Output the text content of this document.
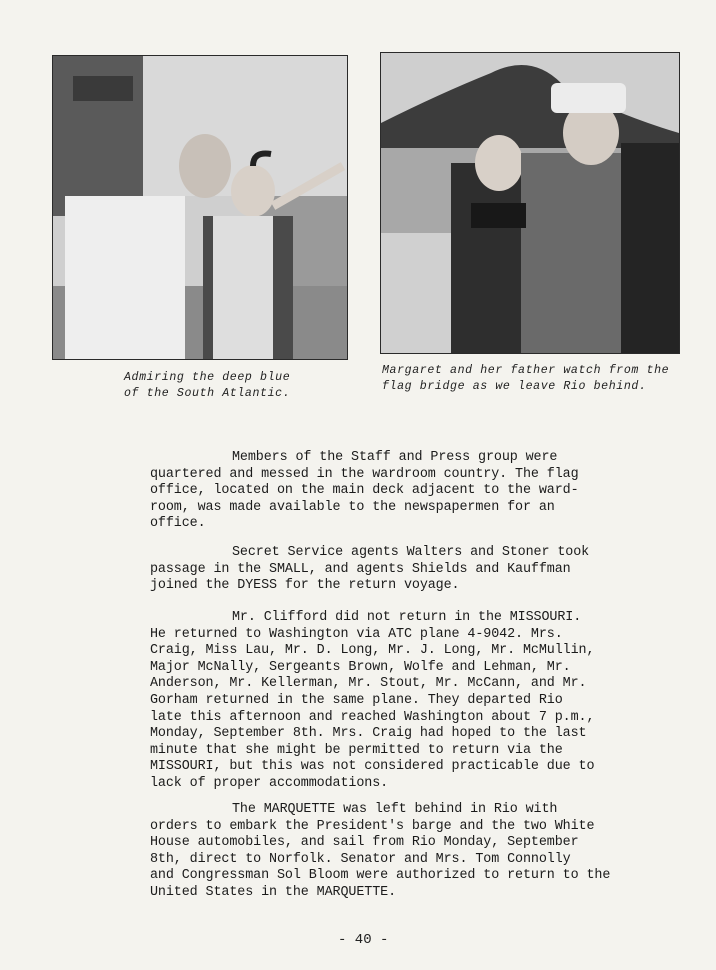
Admiring the deep blue
of the South Atlantic.
Margaret and her father watch from the
flag bridge as we leave Rio behind.

Members of the Staff and Press group were
quartered and messed in the wardroom country. The flag
office, located on the main deck adjacent to the ward-
room, was made available to the newspapermen for an
office.

Secret Service agents Walters and Stoner took
passage in the SMALL, and agents Shields and Kauffman
joined the DYESS for the return voyage.

Mr. Clifford did not return in the MISSOURI.
He returned to Washington via ATC plane 4-9042. Mrs.
Craig, Miss Lau, Mr. D. Long, Mr. J. Long, Mr. McMullin,
Major McNally, Sergeants Brown, Wolfe and Lehman, Mr.
Anderson, Mr. Kellerman, Mr. Stout, Mr. McCann, and Mr.
Gorham returned in the same plane. They departed Rio
late this afternoon and reached Washington about 7 p.m.,
Monday, September 8th. Mrs. Craig had hoped to the last
minute that she might be permitted to return via the
MISSOURI, but this was not considered practicable due to
lack of proper accommodations.

The MARQUETTE was left behind in Rio with
orders to embark the President's barge and the two White
House automobiles, and sail from Rio Monday, September
8th, direct to Norfolk. Senator and Mrs. Tom Connolly
and Congressman Sol Bloom were authorized to return to the
United States in the MARQUETTE.

- 40 -
